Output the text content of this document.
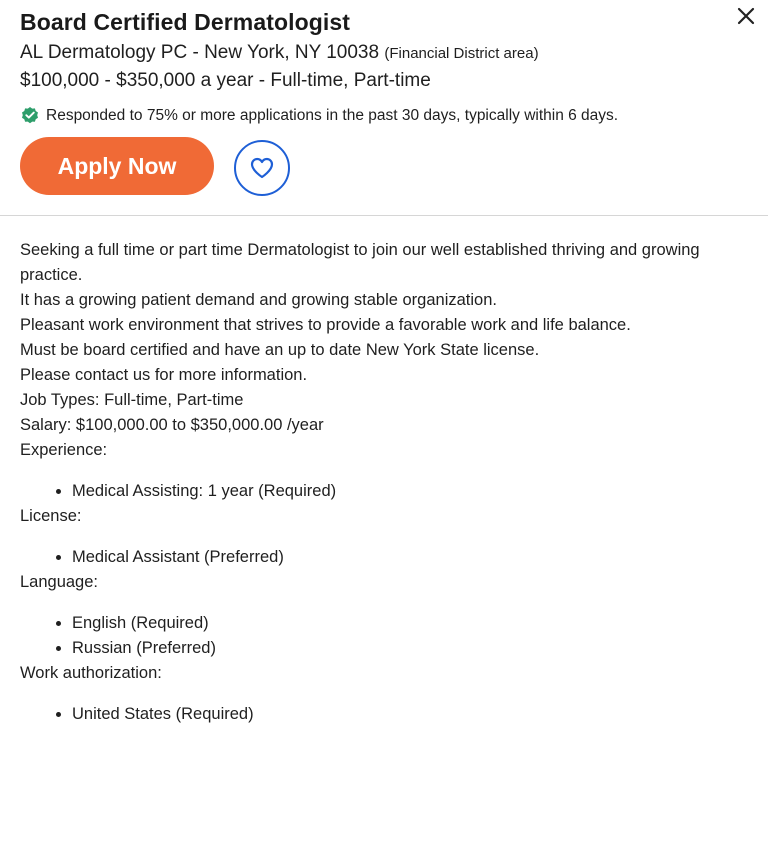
Board Certified Dermatologist
AL Dermatology PC - New York, NY 10038 (Financial District area)
$100,000 - $350,000 a year - Full-time, Part-time
Responded to 75% or more applications in the past 30 days, typically within 6 days.
Apply Now

Seeking a full time or part time Dermatologist to join our well established thriving and growing practice.

It has a growing patient demand and growing stable organization.

Pleasant work environment that strives to provide a favorable work and life balance.

Must be board certified and have an up to date New York State license.

Please contact us for more information.

Job Types: Full-time, Part-time

Salary: $100,000.00 to $350,000.00 /year

Experience:

• Medical Assisting: 1 year (Required)

License:

• Medical Assistant (Preferred)

Language:

• English (Required)
• Russian (Preferred)

Work authorization:

• United States (Required)
